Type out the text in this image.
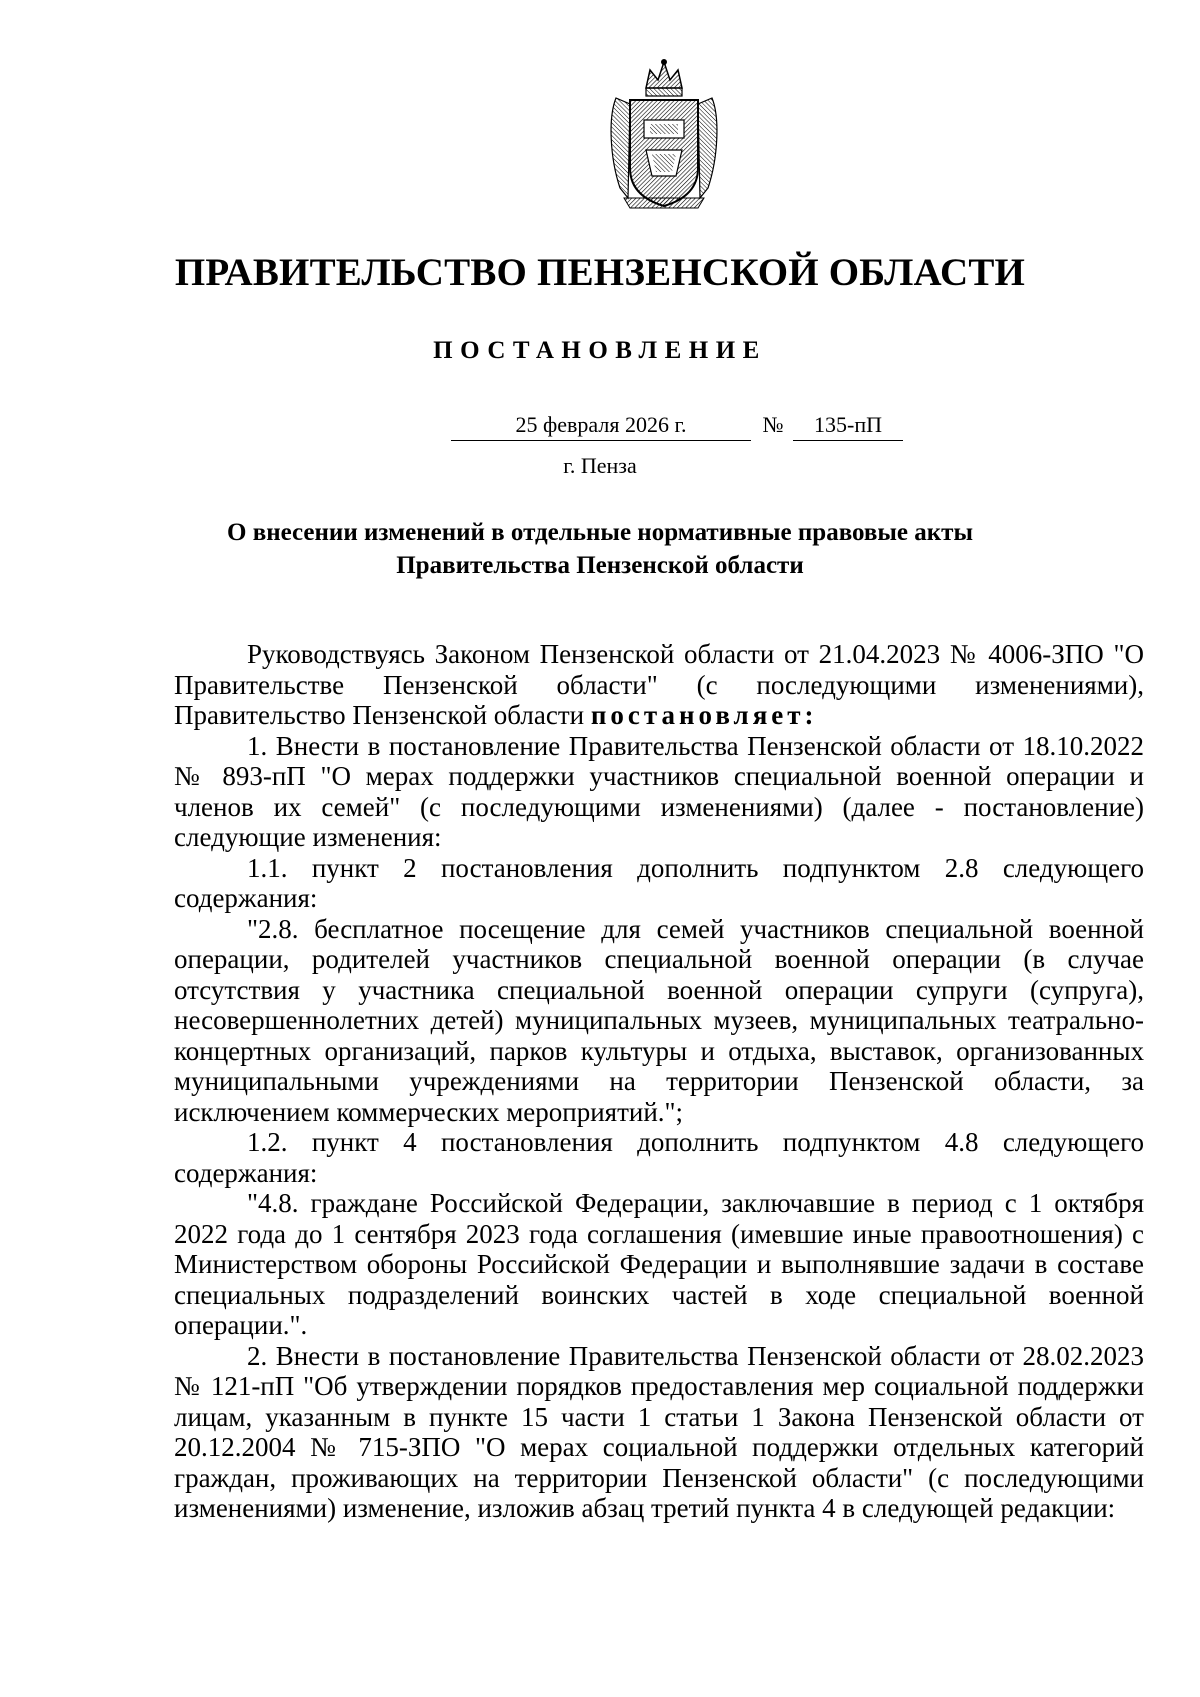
ПРАВИТЕЛЬСТВО ПЕНЗЕНСКОЙ ОБЛАСТИ
ПОСТАНОВЛЕНИЕ
25 февраля 2026 г.	№	135-пП
г. Пенза
О внесении изменений в отдельные нормативные правовые акты
Правительства Пензенской области

Руководствуясь Законом Пензенской области от 21.04.2023 № 4006-ЗПО "О Правительстве Пензенской области" (с последующими изменениями), Правительство Пензенской области постановляет:

1. Внести в постановление Правительства Пензенской области от 18.10.2022 № 893-пП "О мерах поддержки участников специальной военной операции и членов их семей" (с последующими изменениями) (далее - постановление) следующие изменения:

1.1. пункт 2 постановления дополнить подпунктом 2.8 следующего содержания:

"2.8. бесплатное посещение для семей участников специальной военной операции, родителей участников специальной военной операции (в случае отсутствия у участника специальной военной операции супруги (супруга), несовершеннолетних детей) муниципальных музеев, муниципальных театрально-концертных организаций, парков культуры и отдыха, выставок, организованных муниципальными учреждениями на территории Пензенской области, за исключением коммерческих мероприятий.";

1.2. пункт 4 постановления дополнить подпунктом 4.8 следующего содержания:

"4.8. граждане Российской Федерации, заключавшие в период с 1 октября 2022 года до 1 сентября 2023 года соглашения (имевшие иные правоотношения) с Министерством обороны Российской Федерации и выполнявшие задачи в составе специальных подразделений воинских частей в ходе специальной военной операции.".

2. Внести в постановление Правительства Пензенской области от 28.02.2023 № 121-пП "Об утверждении порядков предоставления мер социальной поддержки лицам, указанным в пункте 15 части 1 статьи 1 Закона Пензенской области от 20.12.2004 № 715-ЗПО "О мерах социальной поддержки отдельных категорий граждан, проживающих на территории Пензенской области" (с последующими изменениями) изменение, изложив абзац третий пункта 4 в следующей редакции:
